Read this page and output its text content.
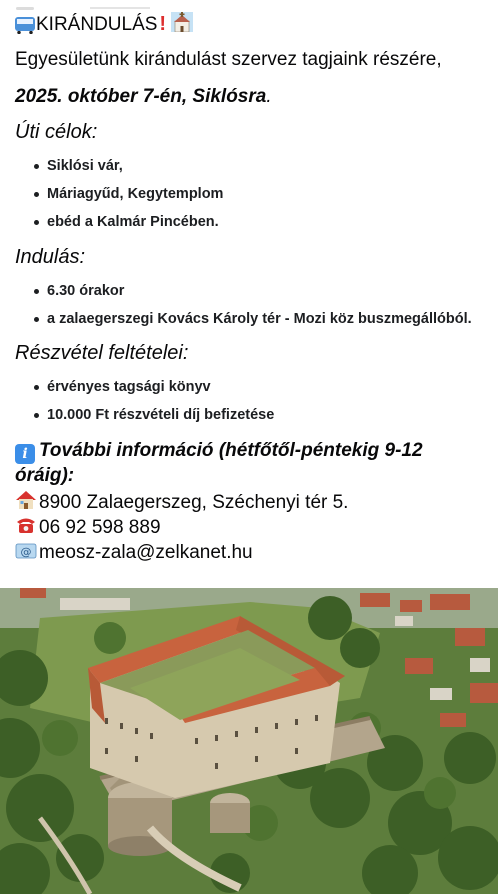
KIRÁNDULÁS !
Egyesületünk kirándulást szervez tagjaink részére,
2025. október 7-én, Siklósra.
Úti célok:
Siklósi vár,
Máriagyűd, Kegytemplom
ebéd a Kalmár Pincében.
Indulás:
6.30 órakor
a zalaegerszegi Kovács Károly tér - Mozi köz buszmegállóból.
Részvétel feltételei:
érvényes tagsági könyv
10.000 Ft részvételi díj befizetése
i További információ (hétfőtől-péntekig 9-12
óráig):
8900 Zalaegerszeg, Széchenyi tér 5.
06 92 598 889
@ meosz-zala@zelkanet.hu
